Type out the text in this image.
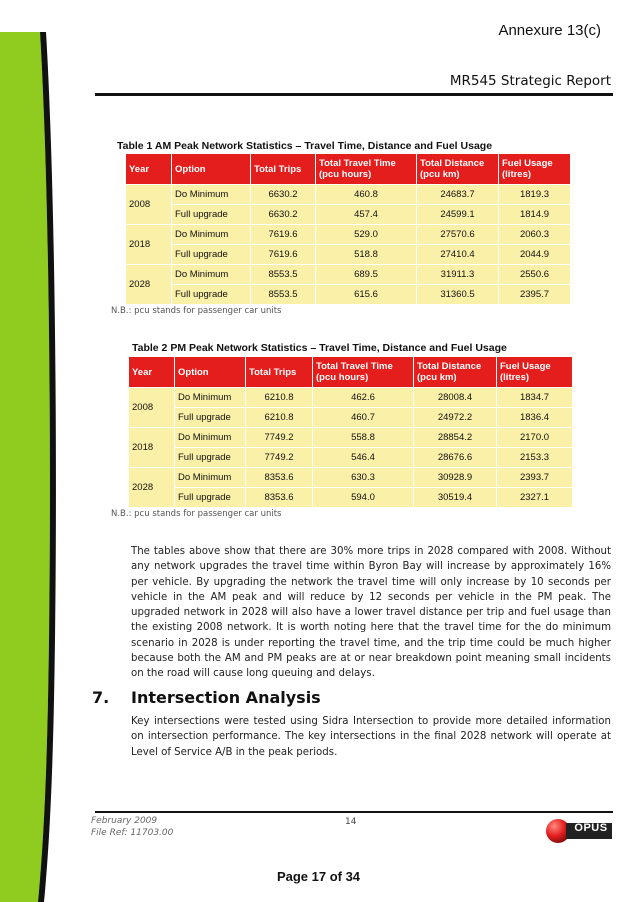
Annexure 13(c)
MR545 Strategic Report
Table 1 AM Peak Network Statistics – Travel Time, Distance and Fuel Usage
Year	Option	Total Trips	Total Travel Time (pcu hours)	Total Distance (pcu km)	Fuel Usage (litres)
2008	Do Minimum	6630.2	460.8	24683.7	1819.3
	Full upgrade	6630.2	457.4	24599.1	1814.9
2018	Do Minimum	7619.6	529.0	27570.6	2060.3
	Full upgrade	7619.6	518.8	27410.4	2044.9
2028	Do Minimum	8553.5	689.5	31911.3	2550.6
	Full upgrade	8553.5	615.6	31360.5	2395.7
N.B.: pcu stands for passenger car units
Table 2 PM Peak Network Statistics – Travel Time, Distance and Fuel Usage
Year	Option	Total Trips	Total Travel Time (pcu hours)	Total Distance (pcu km)	Fuel Usage (litres)
2008	Do Minimum	6210.8	462.6	28008.4	1834.7
	Full upgrade	6210.8	460.7	24972.2	1836.4
2018	Do Minimum	7749.2	558.8	28854.2	2170.0
	Full upgrade	7749.2	546.4	28676.6	2153.3
2028	Do Minimum	8353.6	630.3	30928.9	2393.7
	Full upgrade	8353.6	594.0	30519.4	2327.1
N.B.: pcu stands for passenger car units

The tables above show that there are 30% more trips in 2028 compared with 2008. Without any network upgrades the travel time within Byron Bay will increase by approximately 16% per vehicle. By upgrading the network the travel time will only increase by 10 seconds per vehicle in the AM peak and will reduce by 12 seconds per vehicle in the PM peak. The upgraded network in 2028 will also have a lower travel distance per trip and fuel usage than the existing 2008 network. It is worth noting here that the travel time for the do minimum scenario in 2028 is under reporting the travel time, and the trip time could be much higher because both the AM and PM peaks are at or near breakdown point meaning small incidents on the road will cause long queuing and delays.

7. Intersection Analysis

Key intersections were tested using Sidra Intersection to provide more detailed information on intersection performance. The key intersections in the final 2028 network will operate at Level of Service A/B in the peak periods.

February 2009
File Ref: 11703.00
14	OPUS
Page 17 of 34
